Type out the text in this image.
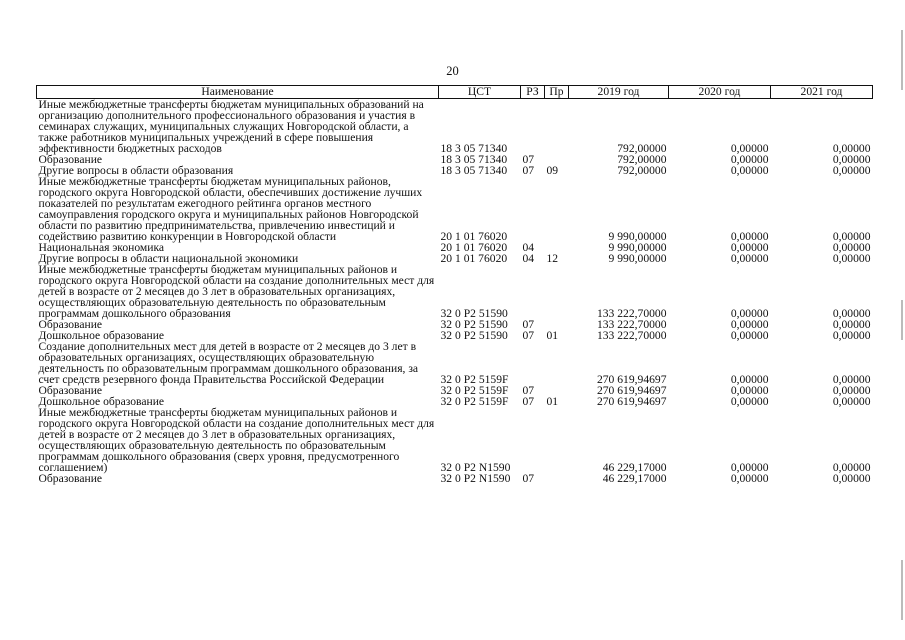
20
Наименование	ЦСТ	РЗ	Пр	2019 год	2020 год	2021 год
Иные межбюджетные трансферты бюджетам муниципальных образований на организацию дополнительного профессионального образования и участия в семинарах служащих, муниципальных служащих Новгородской области, а также работников муниципальных учреждений в сфере повышения эффективности бюджетных расходов	18 3 05 71340			792,00000	0,00000	0,00000
Образование	18 3 05 71340	07		792,00000	0,00000	0,00000
Другие вопросы в области образования	18 3 05 71340	07	09	792,00000	0,00000	0,00000
Иные межбюджетные трансферты бюджетам муниципальных районов, городского округа Новгородской области, обеспечивших достижение лучших показателей по результатам ежегодного рейтинга органов местного самоуправления городского округа и муниципальных районов Новгородской области по развитию предпринимательства, привлечению инвестиций и содействию развитию конкуренции в Новгородской области	20 1 01 76020			9 990,00000	0,00000	0,00000
Национальная экономика	20 1 01 76020	04		9 990,00000	0,00000	0,00000
Другие вопросы в области национальной экономики	20 1 01 76020	04	12	9 990,00000	0,00000	0,00000
Иные межбюджетные трансферты бюджетам муниципальных районов и городского округа Новгородской области на создание дополнительных мест для детей в возрасте от 2 месяцев до 3 лет в образовательных организациях, осуществляющих образовательную деятельность по образовательным программам дошкольного образования	32 0 P2 51590			133 222,70000	0,00000	0,00000
Образование	32 0 P2 51590	07		133 222,70000	0,00000	0,00000
Дошкольное образование	32 0 P2 51590	07	01	133 222,70000	0,00000	0,00000
Создание дополнительных мест для детей в возрасте от 2 месяцев до 3 лет в образовательных организациях, осуществляющих образовательную деятельность по образовательным программам дошкольного образования, за счет средств резервного фонда Правительства Российской Федерации	32 0 P2 5159F			270 619,94697	0,00000	0,00000
Образование	32 0 P2 5159F	07		270 619,94697	0,00000	0,00000
Дошкольное образование	32 0 P2 5159F	07	01	270 619,94697	0,00000	0,00000
Иные межбюджетные трансферты бюджетам муниципальных районов и городского округа Новгородской области на создание дополнительных мест для детей в возрасте от 2 месяцев до 3 лет в образовательных организациях, осуществляющих образовательную деятельность по образовательным программам дошкольного образования (сверх уровня, предусмотренного соглашением)	32 0 P2 N1590			46 229,17000	0,00000	0,00000
Образование	32 0 P2 N1590	07		46 229,17000	0,00000	0,00000
